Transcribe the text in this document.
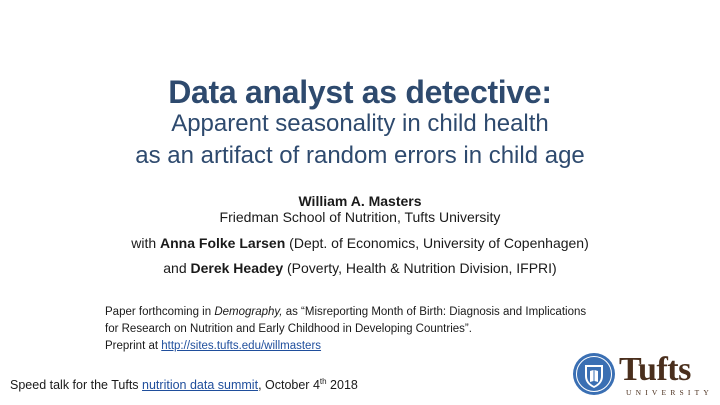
Data analyst as detective:
Apparent seasonality in child health
as an artifact of random errors in child age
William A. Masters
Friedman School of Nutrition, Tufts University
with Anna Folke Larsen (Dept. of Economics, University of Copenhagen)
and Derek Headey (Poverty, Health & Nutrition Division, IFPRI)
Paper forthcoming in Demography, as “Misreporting Month of Birth: Diagnosis and Implications
for Research on Nutrition and Early Childhood in Developing Countries”.
Preprint at http://sites.tufts.edu/willmasters
Speed talk for the Tufts nutrition data summit, October 4th 2018	Tufts
UNIVERSITY
